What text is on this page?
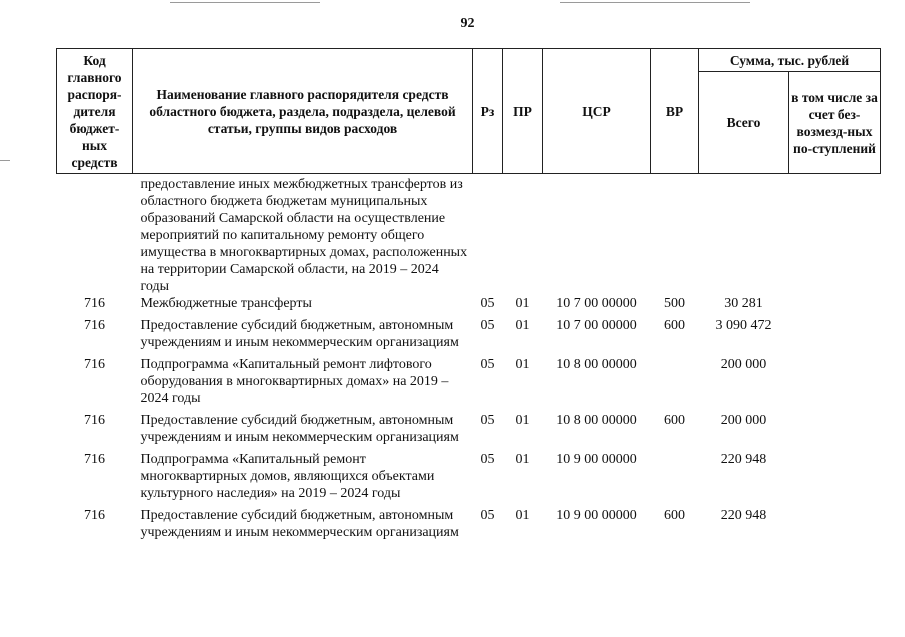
92
Код главного распоря-дителя бюджет-ных средств	Наименование главного распорядителя средств областного бюджета, раздела, подраздела, целевой статьи, группы видов расходов	Рз	ПР	ЦСР	ВР	Сумма, тыс. рублей	
						Всего	в том числе за счет без-возмезд-ных по-ступлений
	предоставление иных межбюджетных трансфертов из областного бюджета бюджетам муниципальных образований Самарской области на осуществление мероприятий по капитальному ремонту общего имущества в многоквартирных домах, расположенных на территории Самарской области, на 2019 – 2024 годы						
716	Межбюджетные трансферты	05	01	10 7 00 00000	500	30 281	
716	Предоставление субсидий бюджетным, автономным учреждениям и иным некоммерческим организациям	05	01	10 7 00 00000	600	3 090 472	
716	Подпрограмма «Капитальный ремонт лифтового оборудования в многоквартирных домах» на 2019 – 2024 годы	05	01	10 8 00 00000		200 000	
716	Предоставление субсидий бюджетным, автономным учреждениям и иным некоммерческим организациям	05	01	10 8 00 00000	600	200 000	
716	Подпрограмма «Капитальный ремонт многоквартирных домов, являющихся объектами культурного наследия» на 2019 – 2024 годы	05	01	10 9 00 00000		220 948	
716	Предоставление субсидий бюджетным, автономным учреждениям и иным некоммерческим организациям	05	01	10 9 00 00000	600	220 948	
